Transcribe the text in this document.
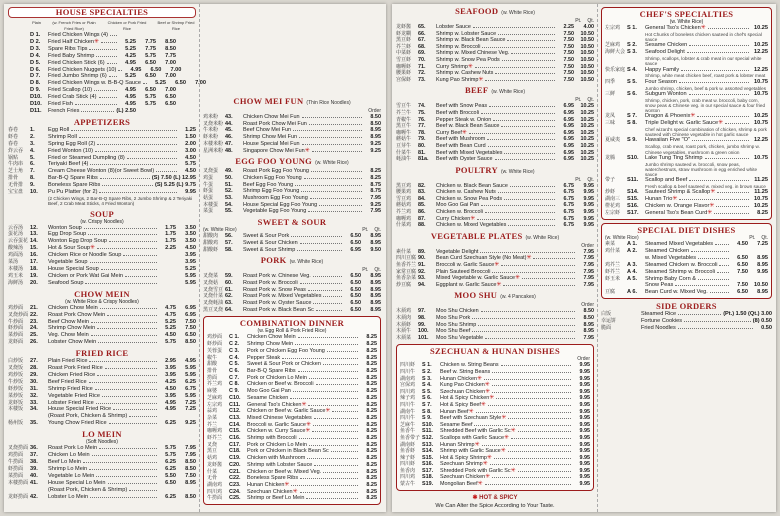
HOUSE SPECIALTIES
Plain	(w. French Fries or Plain Fried Rice)
Chicken or Pork Fried Rice
Beef or Shrimp Fried Rice
D 1.	Fried Chicken Wings (4)
D 2.	Fried Half Chicken ✳	5.25	7.75	8.50
D 3.	Spare Ribs Tips	5.25	7.75	8.50
D 4.	Fried Baby Shrimp	4.25	5.75	7.75
D 5.	Fried Chicken Stick (6)	4.95	6.50	7.00
D 6.	Fried Chicken Nuggets (10)	4.95	6.50	7.00
D 7.	Fried Jumbo Shrimp (6)	5.25	6.50	7.00
D 8.	Fried Chicken Wings w. B-B-Q Sauce	5.25	6.50	7.00
D 9.	Fried Scallop (10)	4.95	6.50	7.00
D10.	Fried Crab Stick (4)	4.95	5.75	6.50
D10.	Fried Fish	4.95	5.75	6.50
D11.	French Fries	(L) 2.50
APPETIZERS
春卷	1.	Egg Roll	1.25
虾卷	2.	Shrimp Roll	1.50
春卷	3.	Spring Egg Roll (2)	2.00
炸云吞	4.	Fried Wonton (10)	3.00
锅贴	5.	Fried or Steamed Dumpling (8)	4.50
牛肉串	6.	Teriyaki Beef (4)	5.75
芝士角	7.	Cream Cheese Wonton (8)(or Sweet Bowl)	4.50
排骨	8.	Bar-B-Q Spare Ribs	(S) 7.50 (L) 12.95
无骨排	9.	Boneless Spare Ribs	(S) 5.25 (L) 9.75
宝宝盘	10.	Pu Pu Platter (for 2)	9.95
(2 Chicken Wings, 2 Bar-B-Q Spare Ribs, 2 Jumbo Shrimp & 2 Teriyaki Beef, 2 Crab Meat Sticks, 4 Fried Wonton)
SOUP
(w. Crispy Noodles)
云吞汤	12.	Wonton Soup	1.75	3.50
蛋花汤	13.	Egg Drop Soup	1.75	3.50
云吞蛋花 14.	Wonton Egg Drop Soup	1.75	3.50
酸辣汤	15.	Hot & Sour Soup ✳	2.25	4.50
鸡面汤	16.	Chicken Rice or Noodle Soup	3.95
菜汤	17.	Vegetable Soup	3.95
本楼汤	18.	House Special Soup	5.25
鸡玉米	19.	Chicken or Pork Wat Gai Mein	5.95
海鲜汤	20.	Seafood Soup	5.95
CHOW MEIN
(w. White Rice & Crispy Noodles)
鸡炒面	21.	Chicken Chow Mein	4.75	6.95
叉烧炒面 22.	Roast Pork Chow Mein	4.75	6.95
牛炒面	23.	Beef Chow Mein	5.25	7.50
虾炒面	24.	Shrimp Chow Mein	5.25	7.50
菜炒面	25.	Veg. Chow Mein	4.50	6.50
龙虾面	26.	Lobster Chow Mein	5.75	8.50
FRIED RICE
白炒饭	27.	Plain Fried Rice	2.95	4.95
叉烧饭	28.	Roast Pork Fried Rice	3.95	5.95
鸡炒饭	29.	Chicken Fried Rice	3.95	5.95
牛炒饭	30.	Beef Fried Rice	4.25	6.25
虾炒饭	31.	Shrimp Fried Rice	4.50	6.75
菜炒饭	32.	Vegetable Fried Rice	3.95	5.95
龙虾饭	33.	Lobster Fried Rice	4.95	7.25
本楼饭	34.	House Special Fried Rice	4.95	7.25
(Roast Pork, Chicken & Shrimp)
杨州饭	35.	Young Chow Fried Rice	6.25	9.25
LO MEIN
(Soft Noodles)
叉烧捞面 36.	Roast Pork Lo Mein	5.75	7.95
鸡捞面	37.	Chicken Lo Mein	5.75	7.95
牛捞面	38.	Beef Lo Mein	6.25	8.50
虾捞面	39.	Shrimp Lo Mein	6.25	8.50
菜捞面	40.	Vegetable Lo Mein	5.50	7.50
本楼捞面 41.	House Special Lo Mein	6.50	8.95
(Roast Pork, Chicken & Shrimp)
龙虾捞面 42.	Lobster Lo Mein	6.25	8.50
CHOW MEI FUN (Thin Rice Noodles)
Order
鸡米粉	43.	Chicken Chow Mei Fun	8.50
叉烧米粉 44.	Roast Pork Chow Mei Fun	8.50
牛米粉	45.	Beef Chow Mei Fun	8.95
虾米粉	46.	Shrimp Chow Mei Fun	8.95
本楼米粉 47.	House Special Mei Fun	9.25
星洲米粉 48.	Singapore Chow Mei Fun ✳	9.25
EGG FOO YOUNG (w. White Rice)
叉烧蛋	49.	Roast Pork Egg Foo Young	8.25
鸡蛋	50.	Chicken Egg Foo Young	8.25
牛蛋	51.	Beef Egg Foo Young	8.75
虾蛋	52.	Shrimp Egg Foo Young	8.75
菇蛋	53.	Mushroom Egg Foo Young	7.95
本楼蛋	54.	House Special Egg Foo Young	9.25
菜蛋	55.	Vegetable Egg Foo Young	7.95
SWEET & SOUR
(w. White Rice)	Pt. Qt.
甜酸肉	56.	Sweet & Sour Pork	6.50	8.95
甜酸鸡	57.	Sweet & Sour Chicken	6.50	8.95
甜酸虾	58.	Sweet & Sour Shrimp	6.95	9.50
PORK (w. White Rice)
Pt. Qt.
叉烧菜	59.	Roast Pork w. Chinese Veg.	6.50	8.95
叉烧菇	60.	Roast Pork w. Broccoli	6.50	8.95
叉烧雪豆 61.	Roast Pork w. Snow Peas	6.50	8.95
叉烧什菜 62.	Roast Pork w. Mixed Vegetables	6.50	8.95
叉烧蚝油 63.	Roast Pork w. Oyster Sauce	6.50	8.95
黑豆叉烧 64.	Roast Pork w. Black Bean Sc	6.50	8.95
COMBINATION DINNER
(w. Egg Roll & Pork Fried Rice)
鸡炒面	C 1.	Chicken Chow Mein	8.25
虾炒面	C 2.	Shrimp Chow Mein	8.25
芙蓉蛋	C 3.	Pork or Chicken Egg Foo Young	8.25
椒牛	C 4.	Pepper Steak	8.25
甜酸	C 5.	Sweet & Sour Pork or Chicken	8.25
排骨	C 6.	Bar-B-Q Spare Ribs	8.25
捞面	C 7.	Pork or Chicken Lo Mein	8.25
芥兰鸡	C 8.	Chicken or Beef w. Broccoli	8.25
麻婆	C 9.	Moo Goo Gai Pan	8.25
芝麻鸡	C10.	Sesame Chicken	8.25
左宗鸡	C11.	General Tso's Chicken ✳	8.25
蒜鸡	C12.	Chicken or Beef w. Garlic Sauce ✳	8.25
杂菜	C13.	Mixed Chinese Vegetables	8.25
芥兰	C14.	Broccoli w. Garlic Sauce ✳	8.25
咖喱鸡	C15.	Chicken w. Curry Sauce ✳	8.25
虾芥兰	C16.	Shrimp with Broccoli	8.25
叉烧	C17.	Pork or Chicken Lo Mein	8.25
黑豆	C18.	Pork or Chicken in Black Bean Sc	8.25
菇鸡	C19.	Chicken with Mushroom	8.25
龙虾酱	C20.	Shrimp with Lobster Sauce	8.25
什菜	C21.	Chicken or Beef w. Mixed Veg.	8.25
无骨	C22.	Boneless Spare Ribs	8.25
湖南鸡	C23.	Hunan Chicken ✳	8.25
四川鸡	C24.	Szechuan Chicken ✳	8.25
牛捞面	C25.	Shrimp or Beef Lo Mein	8.25
SEAFOOD (w. White Rice)
Pt. Qt.
龙虾酱	65.	Lobster Sauce	2.25	4.00
虾龙糊	66.	Shrimp w. Lobster Sauce	7.50	10.50
黑豆虾	67.	Shrimp w. Black Bean Sauce	7.50	10.50
芥兰虾	68.	Shrimp w. Broccoli	7.50	10.50
中菜虾	69.	Shrimp w. Mixed Chinese Veg.	7.50	10.50
雪豆虾	70.	Shrimp w. Snow Pea Pods	7.50	10.50
咖喱虾	71.	Curry Shrimp ✳	7.50	10.50
腰果虾	72.	Shrimp w. Cashew Nuts	7.50	10.50
宫保虾	73.	Kung Pao Shrimp ✳	7.50	10.50
BEEF (w. White Rice)
Pt. Qt.
雪豆牛	74.	Beef with Snow Peas	6.95	10.25
芥兰牛	75.	Beef with Broccoli	6.95	10.25
青椒牛	76.	Pepper Steak w. Onion	6.95	10.25
黑豆牛	77.	Beef w. Black Bean Sauce	6.95	10.25
咖喱牛	78.	Curry Beef ✳	6.95	10.25
蘑菇牛	79.	Beef with Mushroom	6.95	10.25
豆芽牛	80.	Beef with Bean Curd	6.95	10.25
什菜牛	81.	Beef with Mixed Vegetables	6.95	10.25
蚝油牛	81a.	Beef with Oyster Sauce	6.95	10.25
POULTRY (w. White Rice)
Pt. Qt.
黑豆鸡	82.	Chicken w. Black Bean Sauce	6.75	9.95
腰果鸡	83.	Chicken w. Cashew Nuts	6.75	9.95
雪豆鸡	84.	Chicken w. Snow Pea Pods	6.75	9.95
蘑菇鸡	85.	Moo Goo Gai Pan	6.75	9.95
芥兰鸡	86.	Chicken w. Broccoli	6.75	9.95
咖喱鸡	87.	Curry Chicken ✳	6.75	9.95
什菜鸡	88.	Chicken w. Mixed Vegetables	6.75	9.95
VEGETABLE PLATES (w. White Rice)
Order
素什菜	89.	Vegetable Delight	7.95
四川豆腐 90.	Bean Curd Szechuan Style (No Meat) ✳	7.95
鱼香芥兰 91.	Broccoli w. Garlic Sauce ✳	7.95
家常豆腐 92.	Plain Sauteed Broccoli	7.95
鱼香杂菜 93.	Mixed Vegetable w. Garlic Sauce ✳	7.95
炒豆腐	94.	Eggplant w. Garlic Sauce ✳	7.95
MOO SHU (w. 4 Pancakes)
Order
木须鸡	97.	Moo Shu Chicken	8.50
木须肉	98.	Moo Shu Pork	8.50
木须虾	99.	Moo Shu Shrimp	8.95
木须牛	100.	Moo Shu Beef	8.95
木须菜	101.	Moo Shu Vegetable	7.95
SZECHUAN & HUNAN DISHES
Order
四川虾	S 1.	Chicken w. String Beans	9.95
四川牛	S 2.	Beef w. String Beans	9.95
湖南鸡	S 3.	Hunan Chicken ✳	9.95
宫保鸡	S 4.	Kung Pao Chicken ✳	9.95
四川鸡	S 5.	Szechuan Chicken ✳	9.95
辣子鸡	S 6.	Hot & Spicy Chicken ✳	9.95
四川牛	S 7.	Hot & Spicy Beef ✳	9.95
湖南牛	S 8.	Hunan Beef ✳	9.95
四川牛	S 9.	Beef with Szechuan Style ✳	9.95
芝麻牛	S10.	Sesame Beef	9.95
鱼香牛	S11.	Shredded Beef with Garlic Sc ✳	9.95
鱼香带子 S12.	Scallops with Garlic Sauce ✳	9.95
湖南虾	S13.	Hunan Shrimp ✳	9.95
鱼香虾	S14.	Shrimp with Garlic Sauce ✳	9.95
辣子虾	S15.	Hot & Spicy Shrimp ✳	9.95
四川虾	S16.	Szechuan Shrimp ✳	9.95
鱼香肉	S17.	Shredded Pork with Garlic Sc ✳	9.95
四川鸡	S18.	Szechuan Chicken ✳	9.95
蒙古牛	S19.	Mongolian Beef ✳	9.95
✱ HOT & SPICY
We Can Alter the Spice According to Your Taste.
CHEF'S SPECIALTIES
(w. White Rice)
左宗鸡	S 1.	General Tso's Chicken ✳	10.25
Hot Chunks of boneless chicken sauteed in chef's special sauce
芝麻鸡	S 2.	Sesame Chicken	10.25
海鲜大会 S 3.	Seafood Delight	12.25
Shrimp, scallops, lobster & crab meat in our special white sauce
快乐家庭 S 4.	Happy Family	12.25
Shrimp, white meat chicken beef, roast pork & lobster meat
四季	S 5.	Four Season	10.75
Jumbo shrimp, chicken, beef & pork w. assorted vegetables
三鲜	S 6.	Subgum Wonton	10.75
Shrimp, chicken, pork, crab meat w. broccoli, baby corn, snow peas & Chinese veg. in our special sauce & four fried wonton
龙凤	S 7.	Dragon & Phoenix ✳	10.25
三味	S 8.	Triple Delight w. Garlic Sauce ✳	10.75
Chef wizard's special combination of chicken, shrimp & pork sauteed with Chinese vegetable in hot garlic sauce
夏威夷	S 9.	Hawaiian Five "O"	12.25
Scallop, crab meat, roast pork, chicken, jumbo shrimp w. Chinese vegetables, mushroom & green onion
龙腾	S10.	Lake Tung Ting Shrimp	10.75
Jumbo shrimp sauteed w. broccoli, snow peas, waterchestnuts, straw mushroom in egg enriched white sauce
带子	S11.	Scallop and Beef	11.25
Fresh scallop & beef sauteed w. mixed veg. in brown sauce
炒虾	S14.	Sauteed Shrimp & Scallop ✳	11.25
湖南三	S15.	Hunan Trio ✳	10.75
橙花鸡	S16.	Chicken w. Orange Flavor ✳	10.25
左宗虾	S17.	General Tso's Bean Curd ✳	8.25
SPECIAL DIET DISHES
(w. White Rice)	Pt. Qt.
素菜	A 1.	Steamed Mixed Vegetables	4.50	7.25
鸡什菜	A 2.	Steamed Chicken
w. Mixed Vegetables	6.50	8.95
鸡芥兰	A 3.	Steamed Chicken w. Broccoli	6.50	8.95
虾芥兰	A 4.	Steamed Shrimp w. Broccoli	7.50	9.95
虾玉米	A 5.	Shrimp Baby Corn &
Snow Peas	7.50	10.50
豆腐	A 6.	Bean Curd w. Mixed Veg.	6.50	8.95
SIDE ORDERS
白饭	Steamed Rice	(Pt.) 1.50 (Qt.) 3.00
幸运饼	Fortune Cookies	(8) 0.50
脆面	Fried Noodles	0.50
